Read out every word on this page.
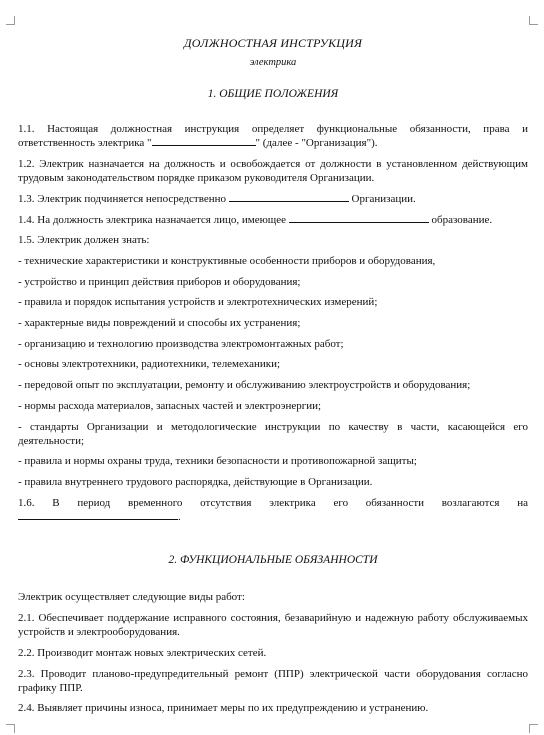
ДОЛЖНОСТНАЯ ИНСТРУКЦИЯ
электрика
1. ОБЩИЕ ПОЛОЖЕНИЯ

1.1. Настоящая должностная инструкция определяет функциональные обязанности, права и ответственность электрика "	" (далее - "Организация").

1.2. Электрик назначается на должность и освобождается от должности в установленном действующим трудовым законодательством порядке приказом руководителя Организации.

1.3. Электрик подчиняется непосредственно	Организации.

1.4. На должность электрика назначается лицо, имеющее	образование.

1.5. Электрик должен знать:

- технические характеристики и конструктивные особенности приборов и оборудования,

- устройство и принцип действия приборов и оборудования;

- правила и порядок испытания устройств и электротехнических измерений;

- характерные виды повреждений и способы их устранения;

- организацию и технологию производства электромонтажных работ;

- основы электротехники, радиотехники, телемеханики;

- передовой опыт по эксплуатации, ремонту и обслуживанию электроустройств и оборудования;

- нормы расхода материалов, запасных частей и электроэнергии;

- стандарты Организации и методологические инструкции по качеству в части, касающейся его деятельности;

- правила и нормы охраны труда, техники безопасности и противопожарной защиты;

- правила внутреннего трудового распорядка, действующие в Организации.

1.6. В период временного отсутствия электрика его обязанности возлагаются на
.

2. ФУНКЦИОНАЛЬНЫЕ ОБЯЗАННОСТИ

Электрик осуществляет следующие виды работ:

2.1. Обеспечивает поддержание исправного состояния, безаварийную и надежную работу обслуживаемых устройств и электрооборудования.

2.2. Производит монтаж новых электрических сетей.

2.3. Проводит планово-предупредительный ремонт (ППР) электрической части оборудования согласно графику ППР.

2.4. Выявляет причины износа, принимает меры по их предупреждению и устранению.
